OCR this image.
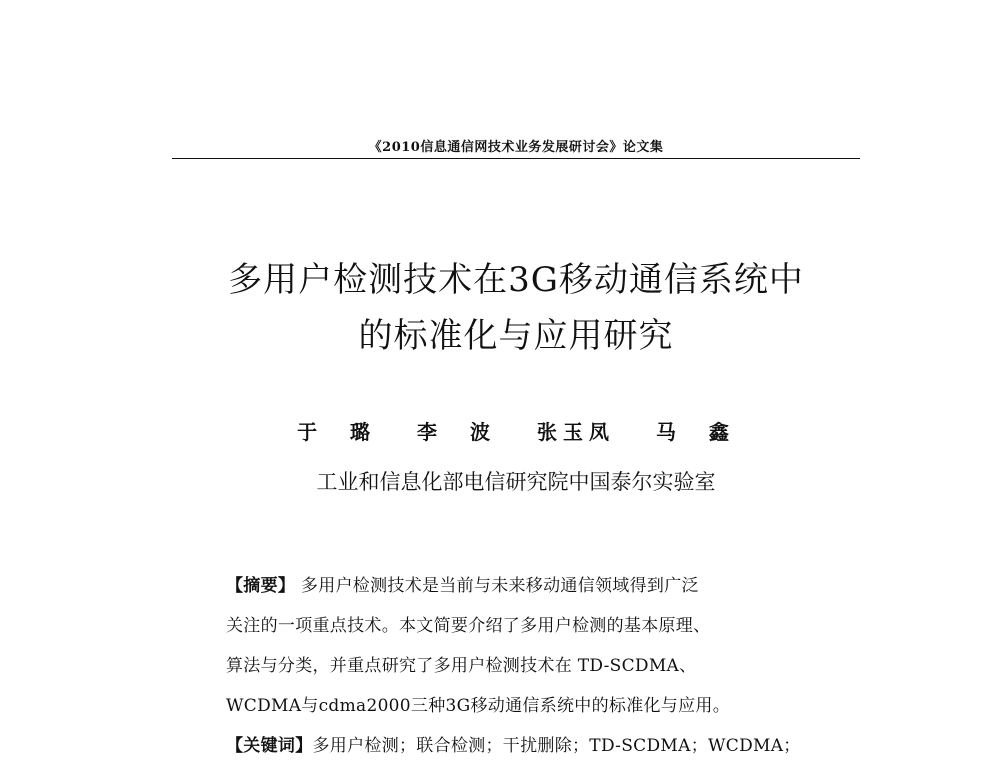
《2010信息通信网技术业务发展研讨会》论文集
多用户检测技术在3G移动通信系统中
的标准化与应用研究
于 璐 李 波 张玉凤 马 鑫
工业和信息化部电信研究院中国泰尔实验室
【摘要】 多用户检测技术是当前与未来移动通信领域得到广泛
关注的一项重点技术。本文简要介绍了多用户检测的基本原理、
算法与分类，并重点研究了多用户检测技术在 TD-SCDMA、
WCDMA与cdma2000三种3G移动通信系统中的标准化与应用。
【关键词】多用户检测；联合检测；干扰删除；TD-SCDMA；WCDMA；
